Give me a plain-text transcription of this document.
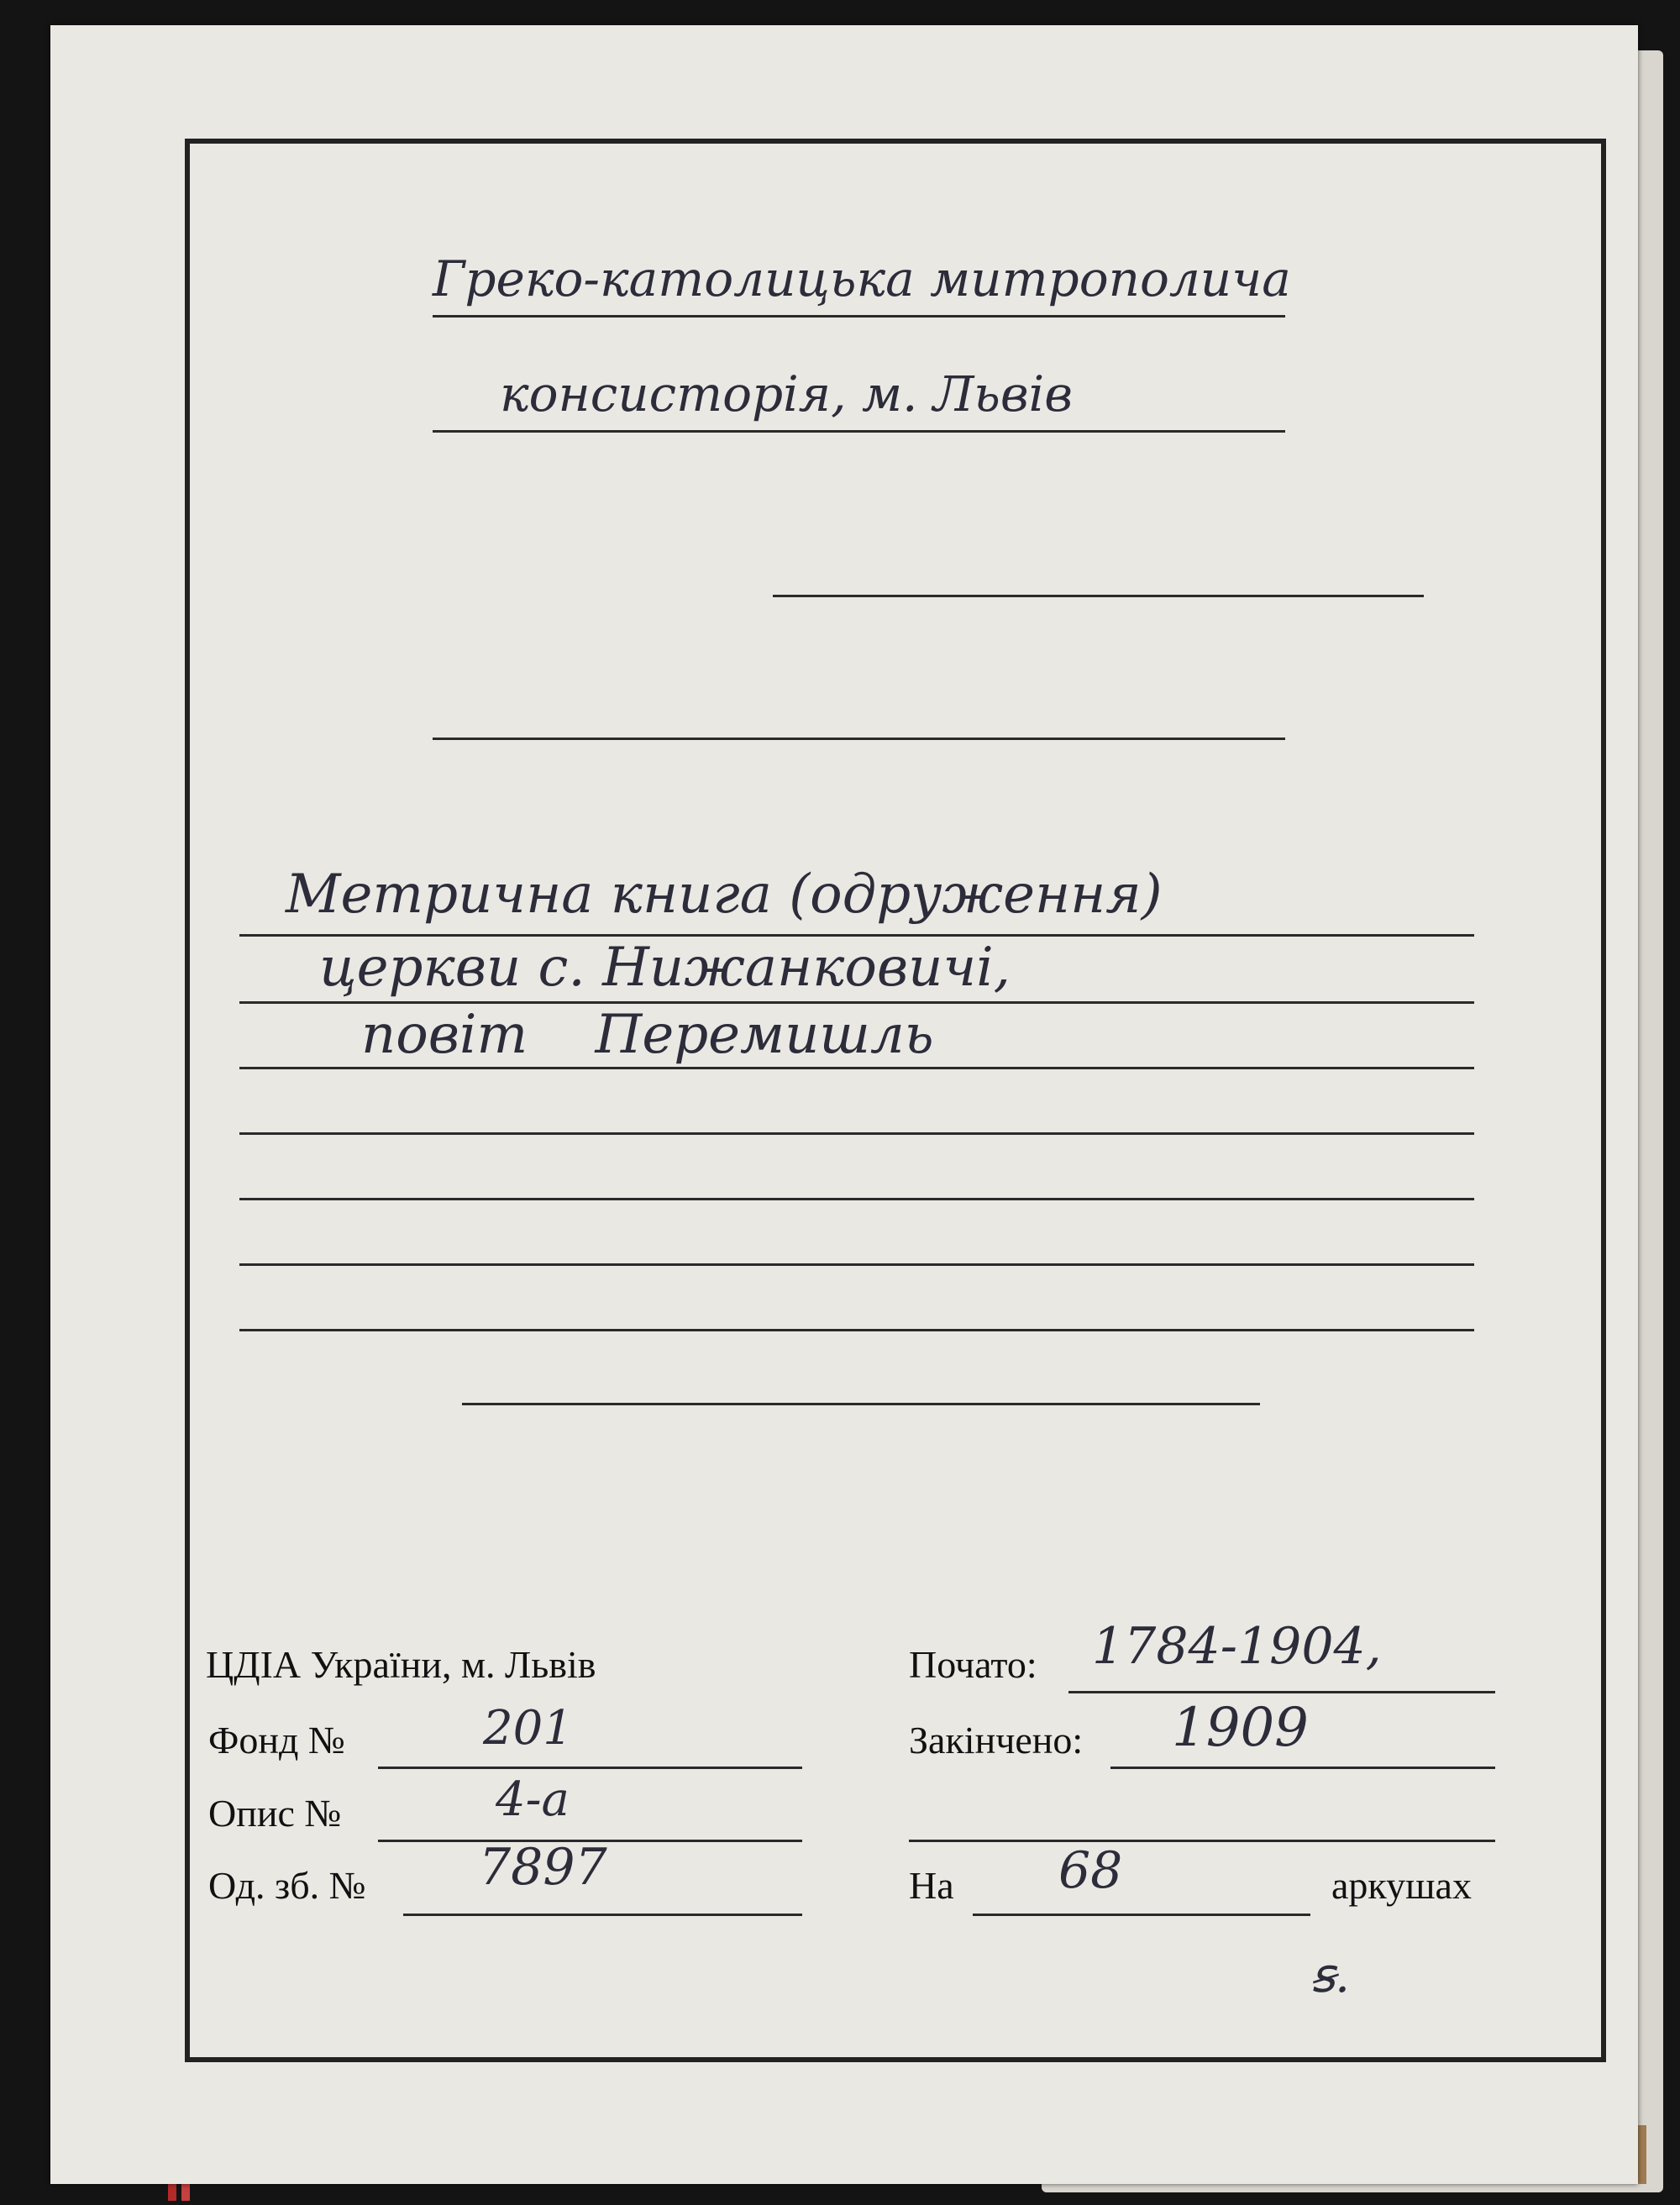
Греко-католицька митрополича
консисторія, м. Львів
Метрична книга (одруження)
церкви с. Нижанковичі,
повіт Перемишль
ЦДІА України, м. Львів
Фонд №	201
Опис №	4-а
Од. зб. № 7897
Почато: 1784-1904,
Закінчено: 1909
На 68	аркушах
ꞩ.
